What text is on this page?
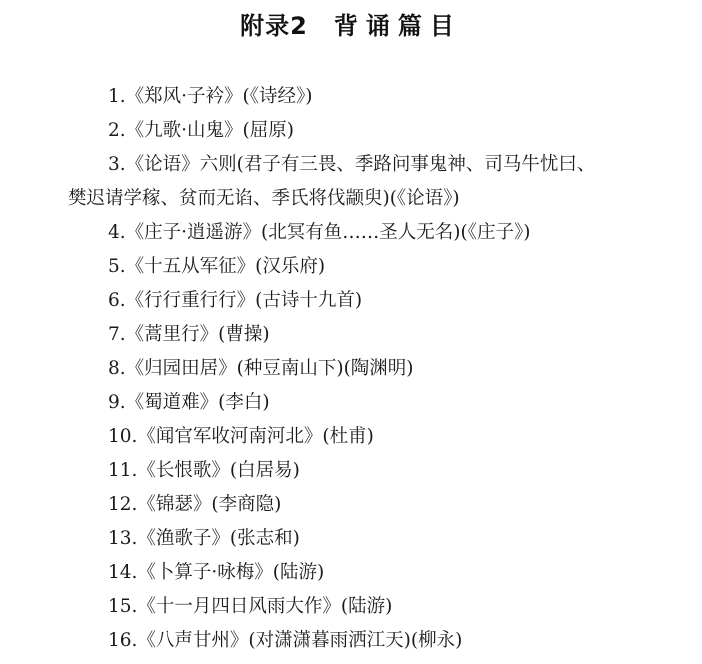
附录2 背诵篇目
1.《郑风·子衿》(《诗经》)
2.《九歌·山鬼》(屈原)
3.《论语》六则(君子有三畏、季路问事鬼神、司马牛忧曰、
樊迟请学稼、贫而无谄、季氏将伐颛臾)(《论语》)
4.《庄子·逍遥游》(北冥有鱼……圣人无名)(《庄子》)
5.《十五从军征》(汉乐府)
6.《行行重行行》(古诗十九首)
7.《蒿里行》(曹操)
8.《归园田居》(种豆南山下)(陶渊明)
9.《蜀道难》(李白)
10.《闻官军收河南河北》(杜甫)
11.《长恨歌》(白居易)
12.《锦瑟》(李商隐)
13.《渔歌子》(张志和)
14.《卜算子·咏梅》(陆游)
15.《十一月四日风雨大作》(陆游)
16.《八声甘州》(对潇潇暮雨洒江天)(柳永)
